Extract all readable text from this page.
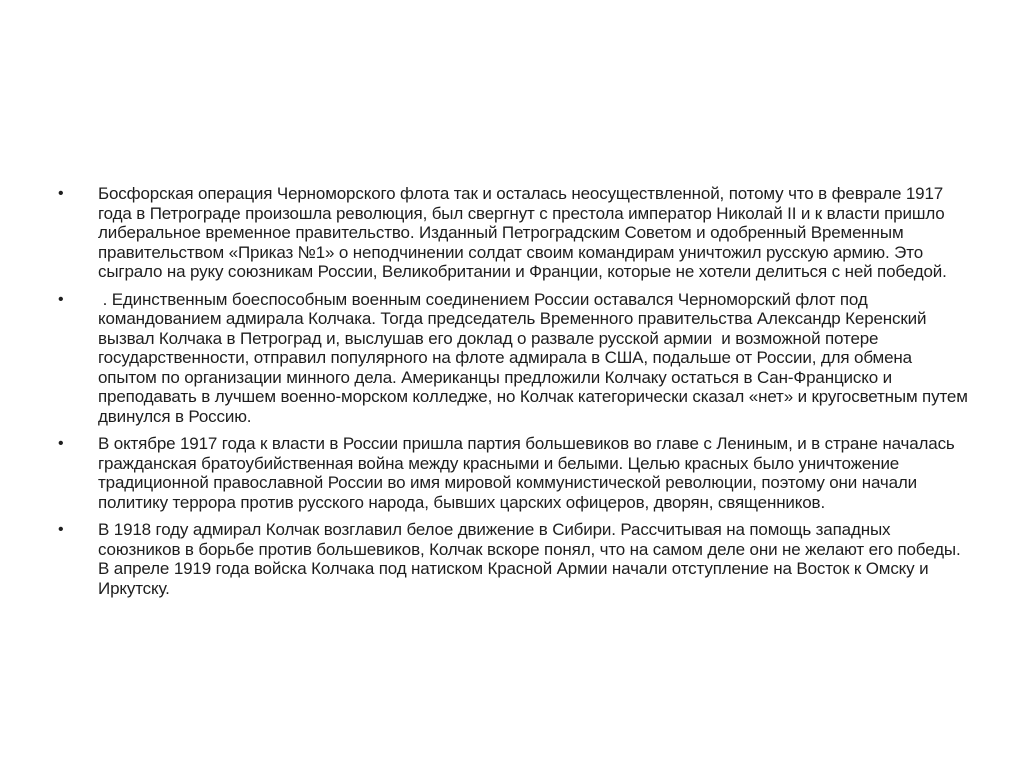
•	Босфорская операция Черноморского флота так и осталась неосуществленной, потому что в феврале 1917 года в Петрограде произошла революция, был свергнут с престола император Николай II и к власти пришло либеральное временное правительство. Изданный Петроградским Советом и одобренный Временным правительством «Приказ №1» о неподчинении солдат своим командирам уничтожил русскую армию. Это сыграло на руку союзникам России, Великобритании и Франции, которые не хотели делиться с ней победой.
•	. Единственным боеспособным военным соединением России оставался Черноморский флот под командованием адмирала Колчака. Тогда председатель Временного правительства Александр Керенский вызвал Колчака в Петроград и, выслушав его доклад о развале русской армии  и возможной потере государственности, отправил популярного на флоте адмирала в США, подальше от России, для обмена опытом по организации минного дела. Американцы предложили Колчаку остаться в Сан-Франциско и преподавать в лучшем военно-морском колледже, но Колчак категорически сказал «нет» и кругосветным путем двинулся в Россию.
•	В октябре 1917 года к власти в России пришла партия большевиков во главе с Лениным, и в стране началась гражданская братоубийственная война между красными и белыми. Целью красных было уничтожение традиционной православной России во имя мировой коммунистической революции, поэтому они начали политику террора против русского народа, бывших царских офицеров, дворян, священников.
•	В 1918 году адмирал Колчак возглавил белое движение в Сибири. Рассчитывая на помощь западных союзников в борьбе против большевиков, Колчак вскоре понял, что на самом деле они не желают его победы. В апреле 1919 года войска Колчака под натиском Красной Армии начали отступление на Восток к Омску и Иркутску.
